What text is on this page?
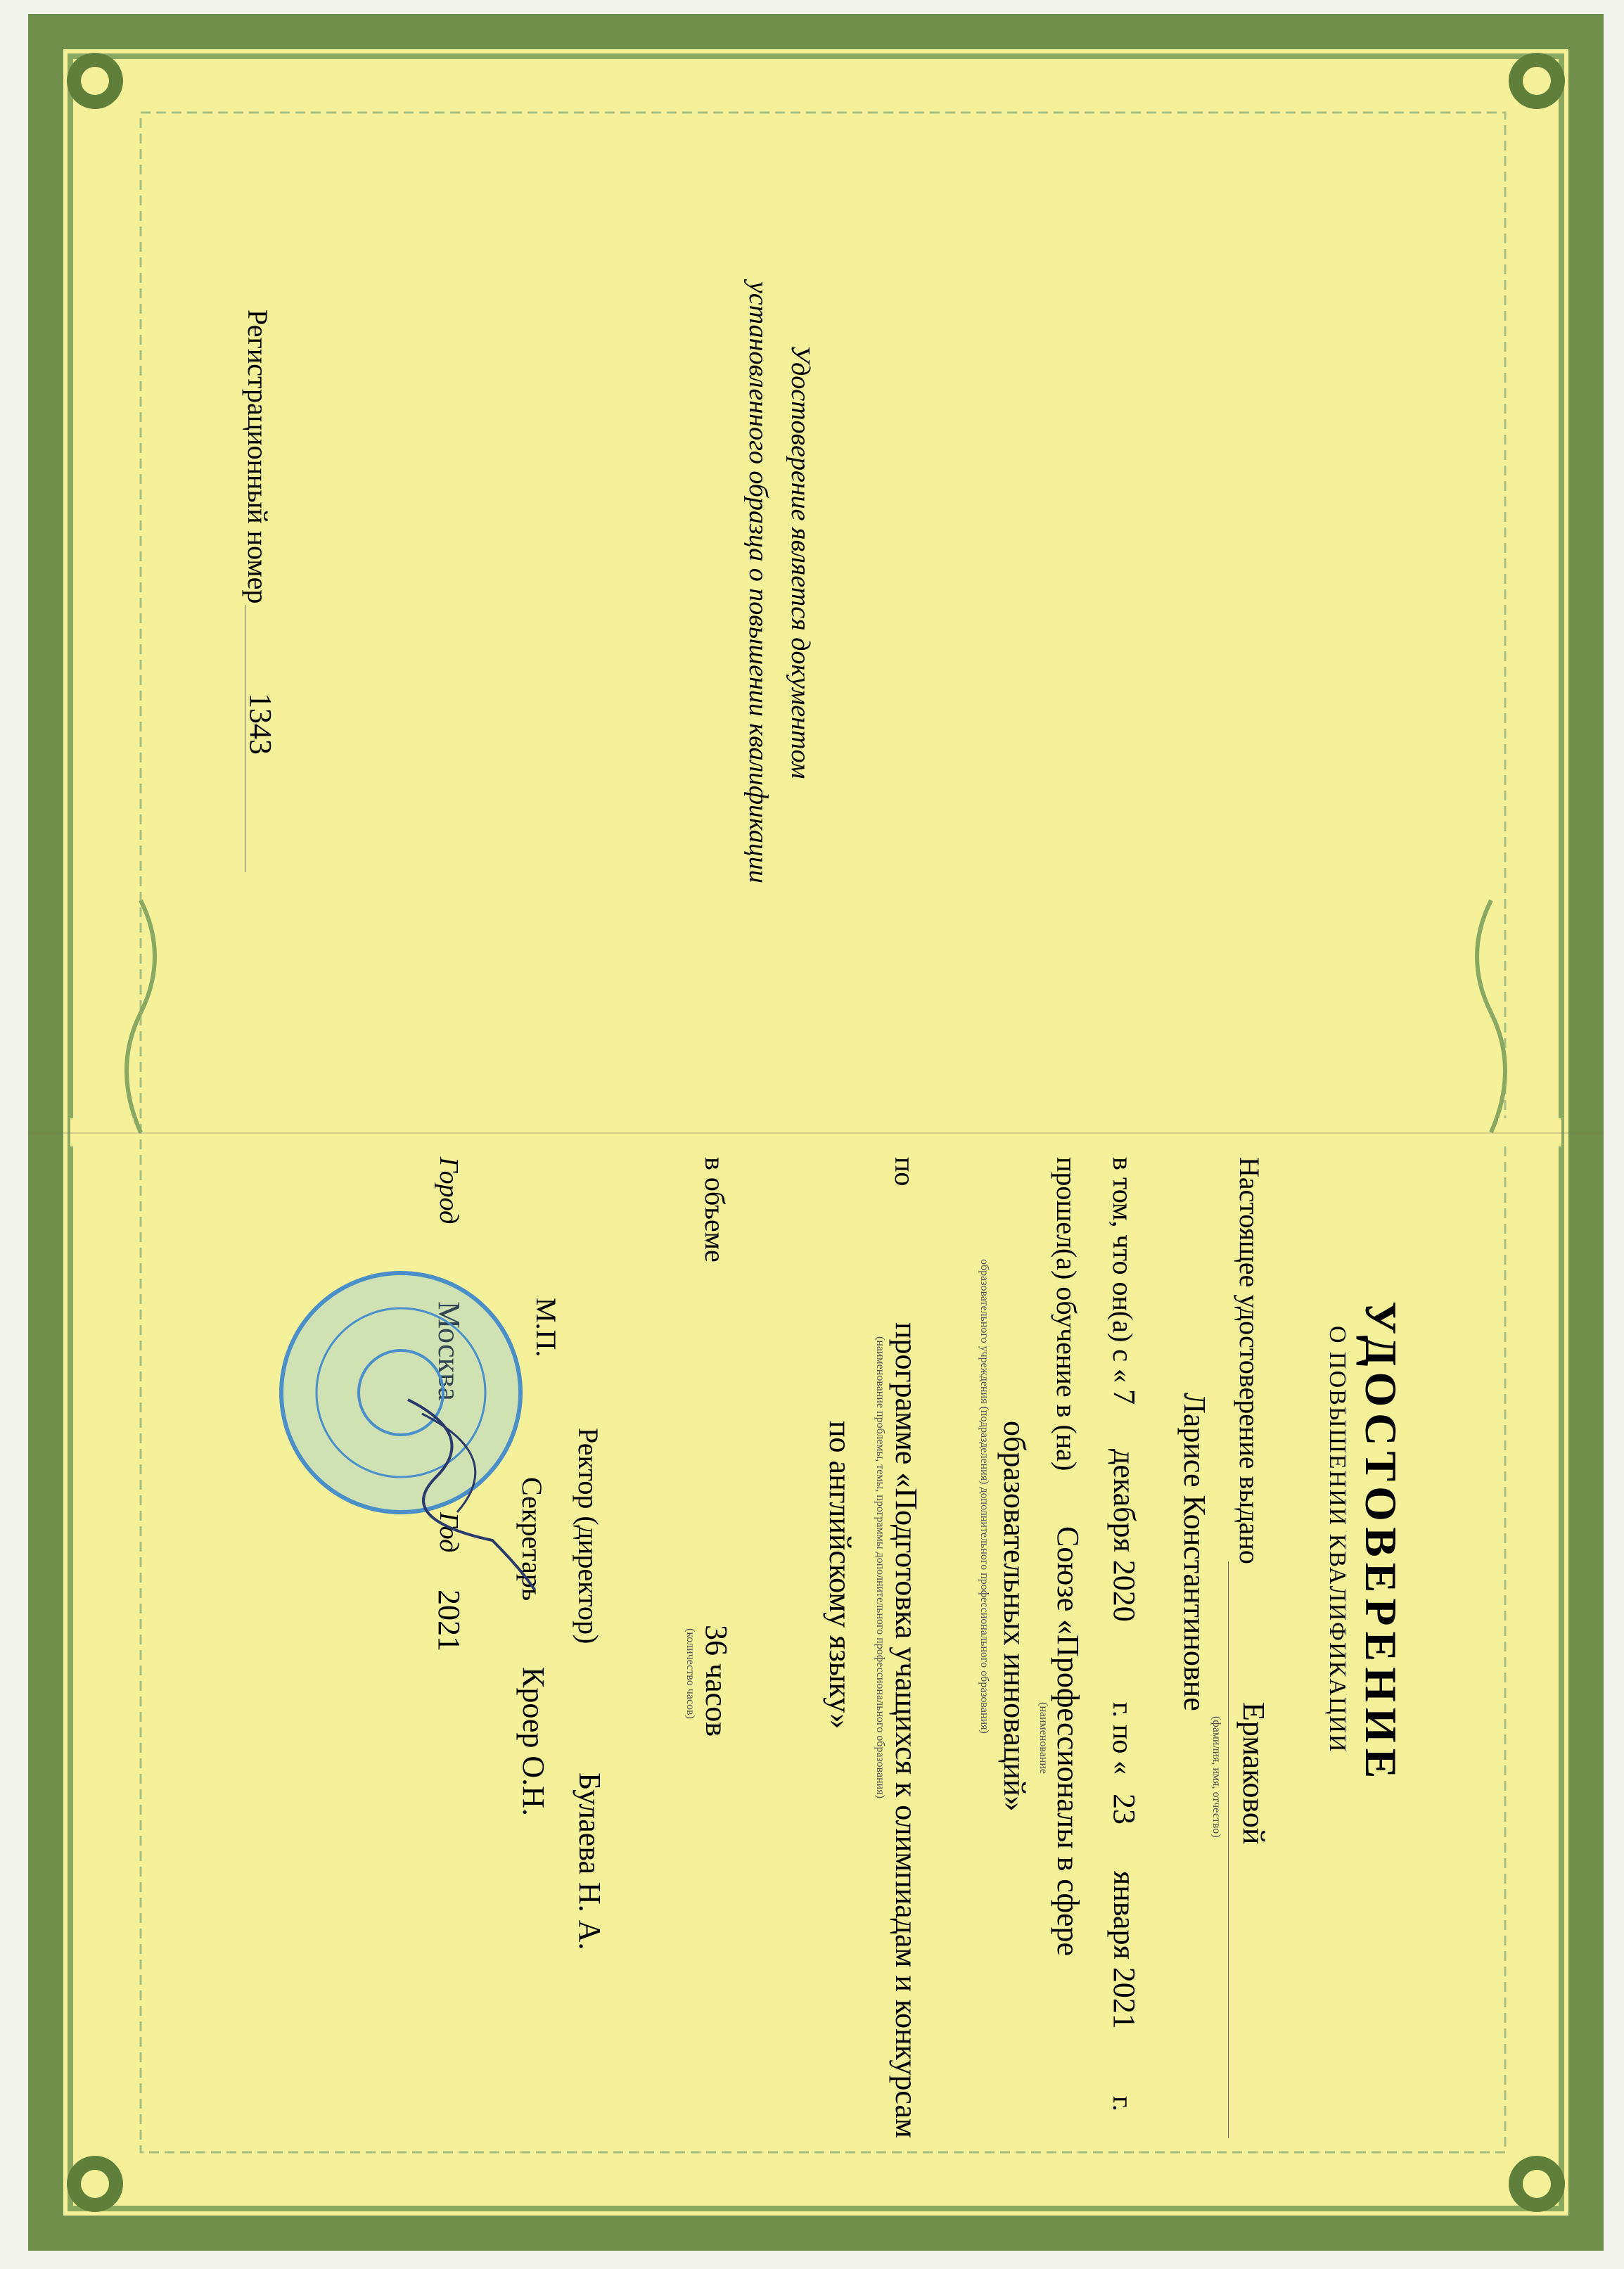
УДОСТОВЕРЕНИЕ
О ПОВЫШЕНИИ КВАЛИФИКАЦИИ
Настоящее удостоверение выдано
Ермаковой
(фамилия, имя, отчество)
Ларисе Константиновне
в том, что он(а) с «
7
декабря 2020
г. по «
23
января 2021
г.
прошел(а) обучение в (на)
Союзе «Профессионалы в сфере
(наименование
образовательных инноваций»
образовательного учреждения (подразделения) дополнительного профессионального образования)
по
программе «Подготовка учащихся к олимпиадам и конкурсам
(наименование проблемы, темы, программы дополнительного профессионального образования)
по английскому языку»
в объеме
36 часов
(количество часов)
Ректор (директор)
Булаева Н. А.
М.П.
Секретарь
Кроер О.Н.
Город
Год
2021
Удостоверение является документом
установленного образца о повышении квалификации
Регистрационный номер
1343
